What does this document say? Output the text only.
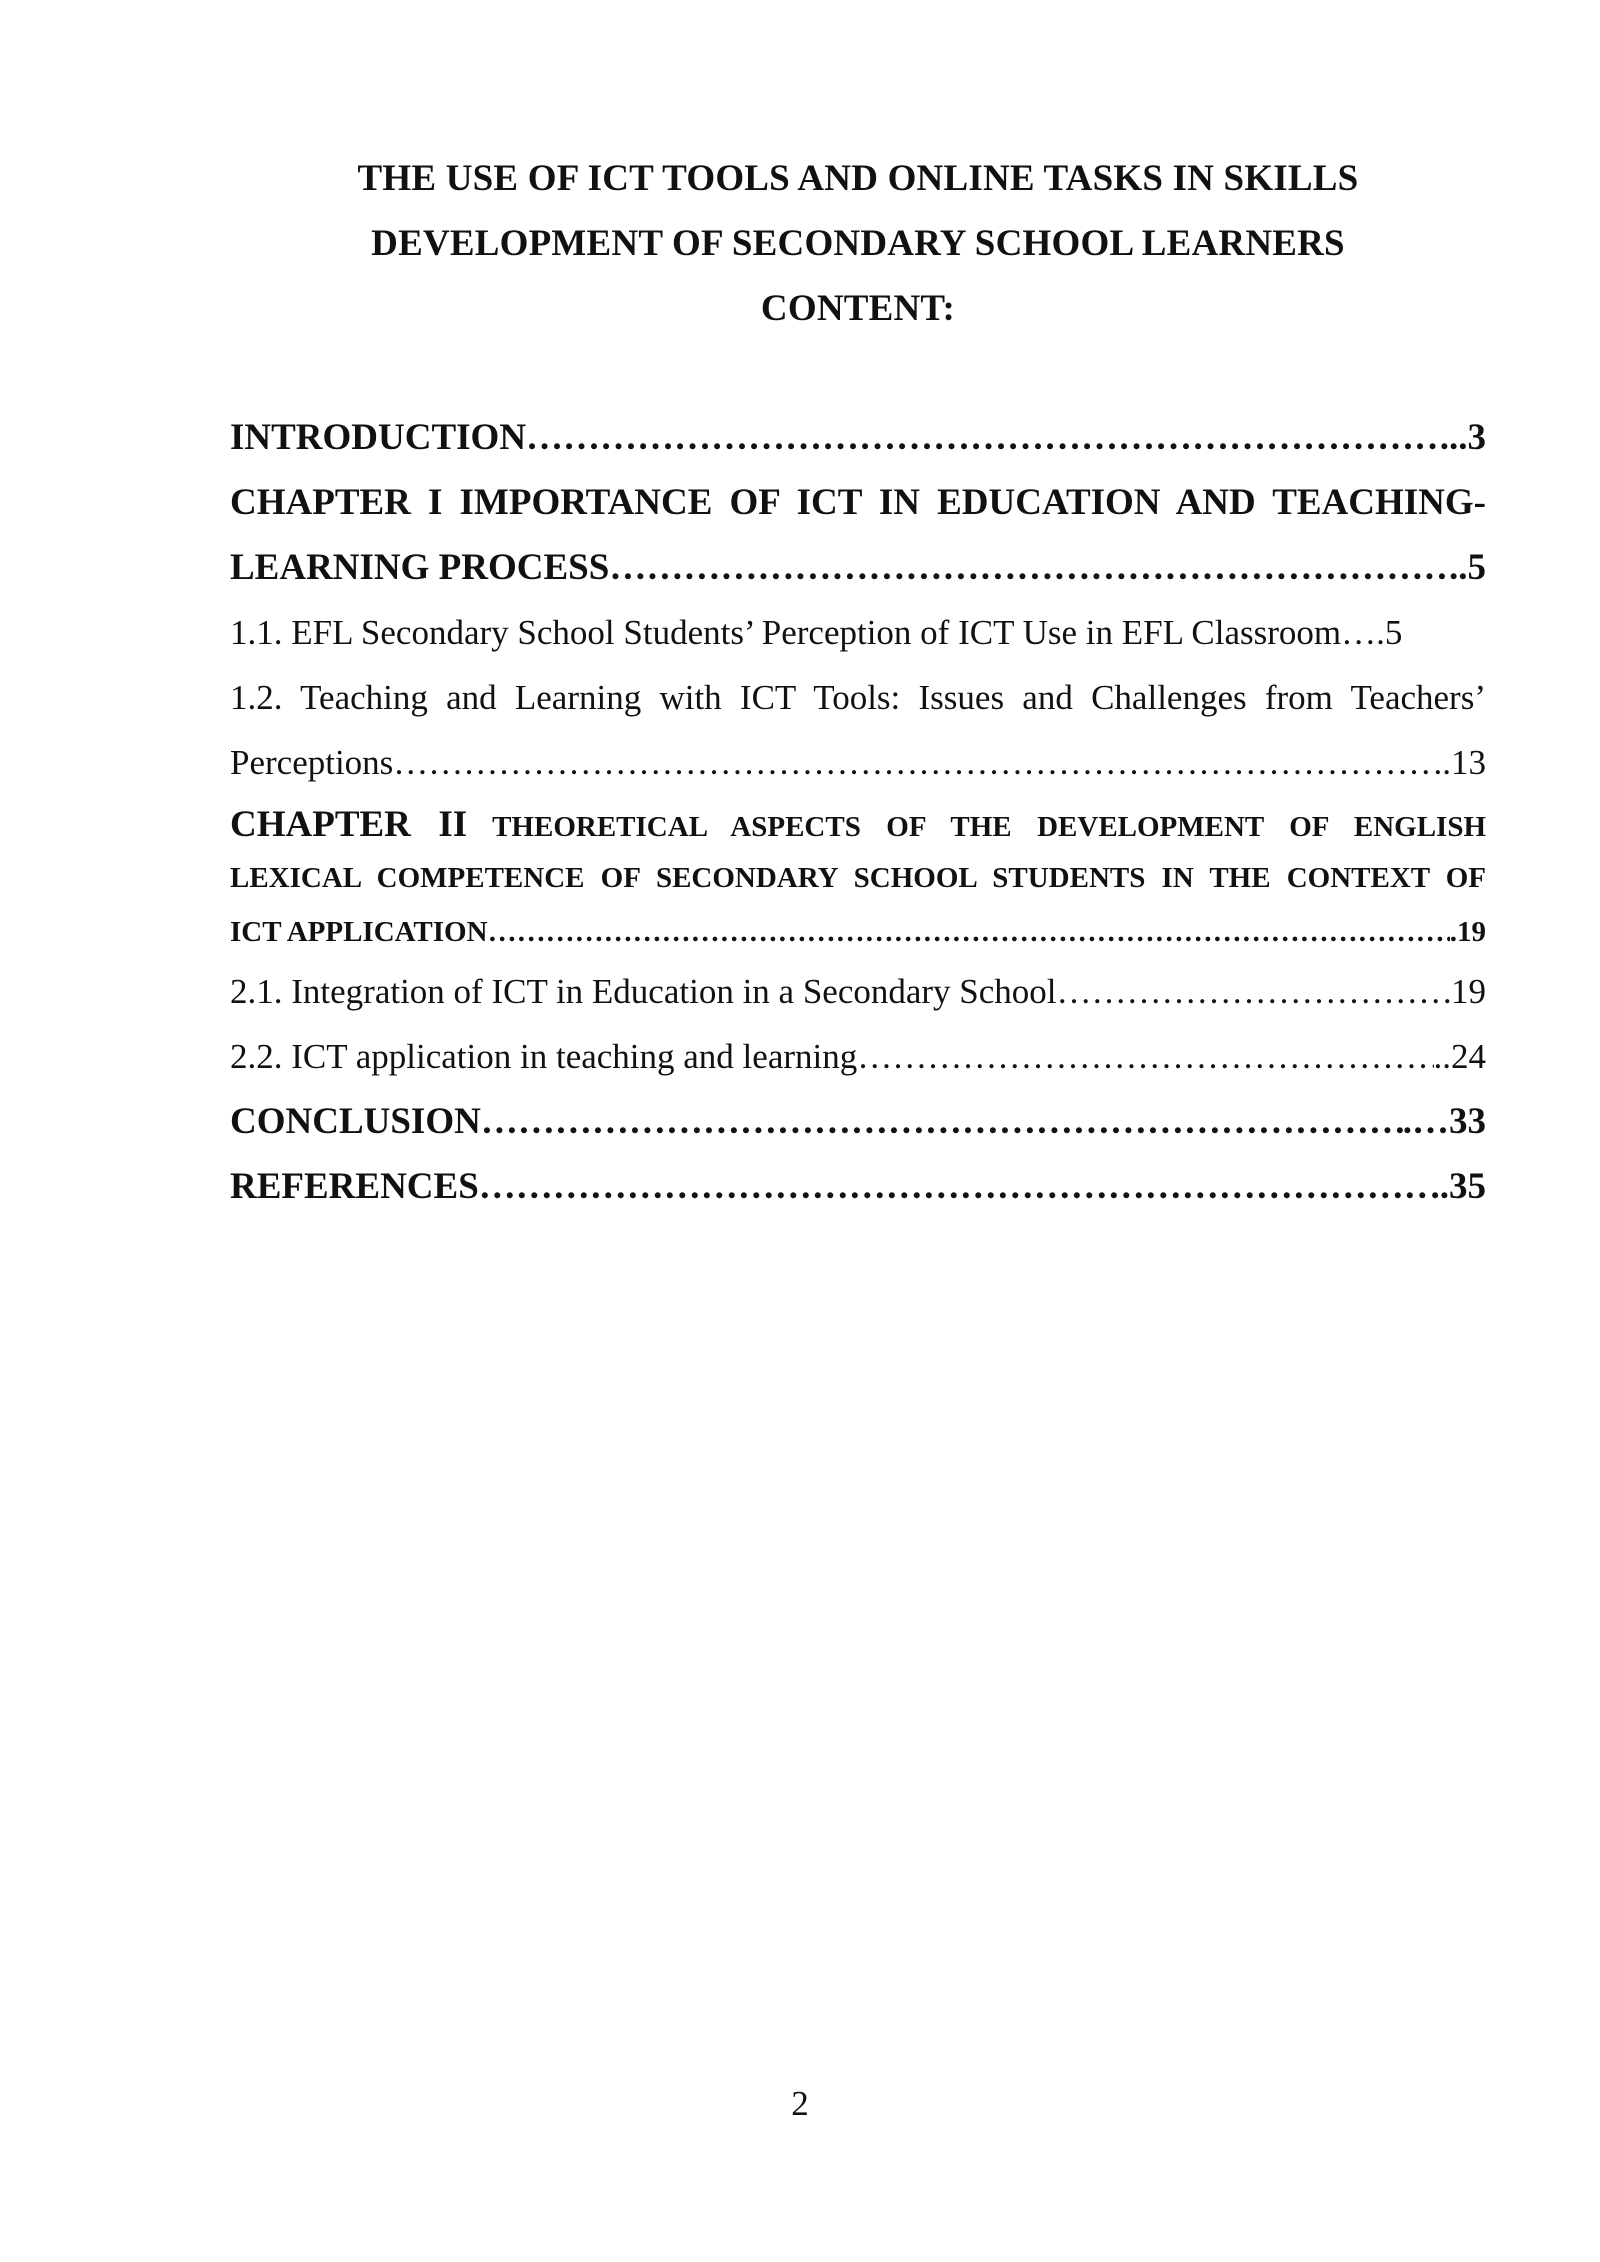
THE USE OF ICT TOOLS AND ONLINE TASKS IN SKILLS
DEVELOPMENT OF SECONDARY SCHOOL LEARNERS
CONTENT:
INTRODUCTION ……………………………………………………………………………………………………………………………………………………………………………………	...3
CHAPTER I IMPORTANCE OF ICT IN EDUCATION AND TEACHING-
LEARNING PROCESS ……………………………………………………………………………………………………………………………………………………………………………………	..5
1.1. EFL Secondary School Students’ Perception of ICT Use in EFL Classroom ….5
1.2. Teaching and Learning with ICT Tools: Issues and Challenges from Teachers’
Perceptions ……………………………………………………………………………………………………………………………………………………………………………………	..13
CHAPTER II THEORETICAL ASPECTS OF THE DEVELOPMENT OF ENGLISH
LEXICAL COMPETENCE OF SECONDARY SCHOOL STUDENTS IN THE CONTEXT OF
ICT APPLICATION ……………………………………………………………………………………………………………………………………………………………………………………	.19
2.1. Integration of ICT in Education in a Secondary School ……………………………………………………………………………………………………………………………………………………………………………………	19
2.2. ICT application in teaching and learning ……………………………………………………………………………………………………………………………………………………………………………………	..24
CONCLUSION ……………………………………………………………………………………………………………………………………………………………………………………	.…33
REFERENCES ……………………………………………………………………………………………………………………………………………………………………………………	..35
2
